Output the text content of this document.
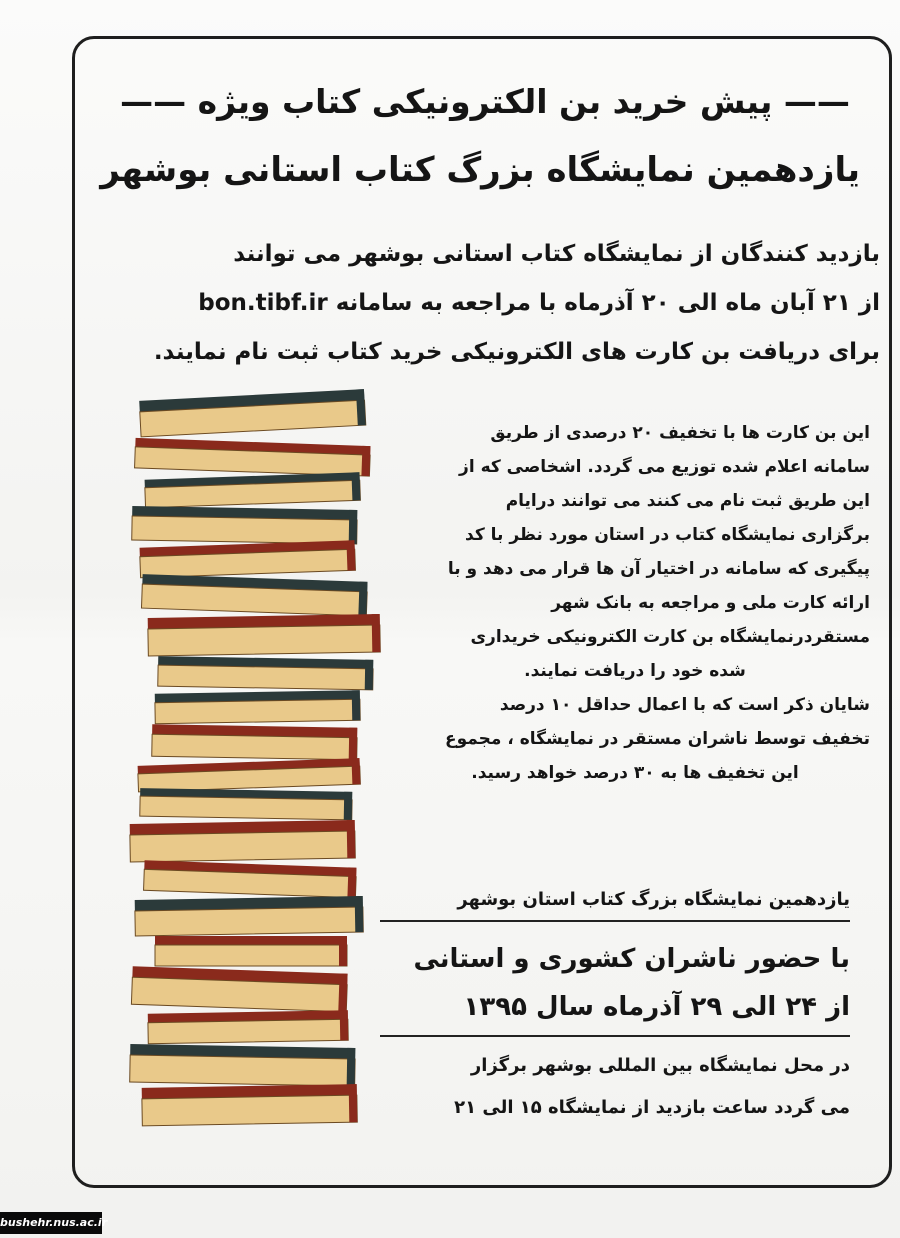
—— پیش خرید بن الکترونیکی کتاب ویژه ——
یازدهمین نمایشگاه بزرگ کتاب استانی بوشهر
بازدید کنندگان از نمایشگاه کتاب استانی بوشهر می توانند
از ۲۱ آبان ماه الی ۲۰ آذرماه با مراجعه به سامانه bon.tibf.ir
برای دریافت بن کارت های الکترونیکی خرید کتاب ثبت نام نمایند.
این بن کارت ها با تخفیف ۲۰ درصدی از طریق
سامانه اعلام شده توزیع می گردد. اشخاصی که از
این طریق ثبت نام می کنند می توانند درایام
برگزاری نمایشگاه کتاب در استان مورد نظر با کد
پیگیری که سامانه در اختیار آن ها قرار می دهد و با
ارائه کارت ملی و مراجعه به بانک شهر
مستقردرنمایشگاه بن کارت الکترونیکی خریداری
شده خود را دریافت نمایند.
شایان ذکر است که با اعمال حداقل ۱۰ درصد
تخفیف توسط ناشران مستقر در نمایشگاه ، مجموع
این تخفیف ها به ۳۰ درصد خواهد رسید.
یازدهمین نمایشگاه بزرگ کتاب استان بوشهر
با حضور ناشران کشوری و استانی
از ۲۴ الی ۲۹ آذرماه سال ۱۳۹۵
در محل نمایشگاه بین المللی بوشهر برگزار
می گردد ساعت بازدید از نمایشگاه ۱۵ الی ۲۱
bushehr.nus.ac.ir
